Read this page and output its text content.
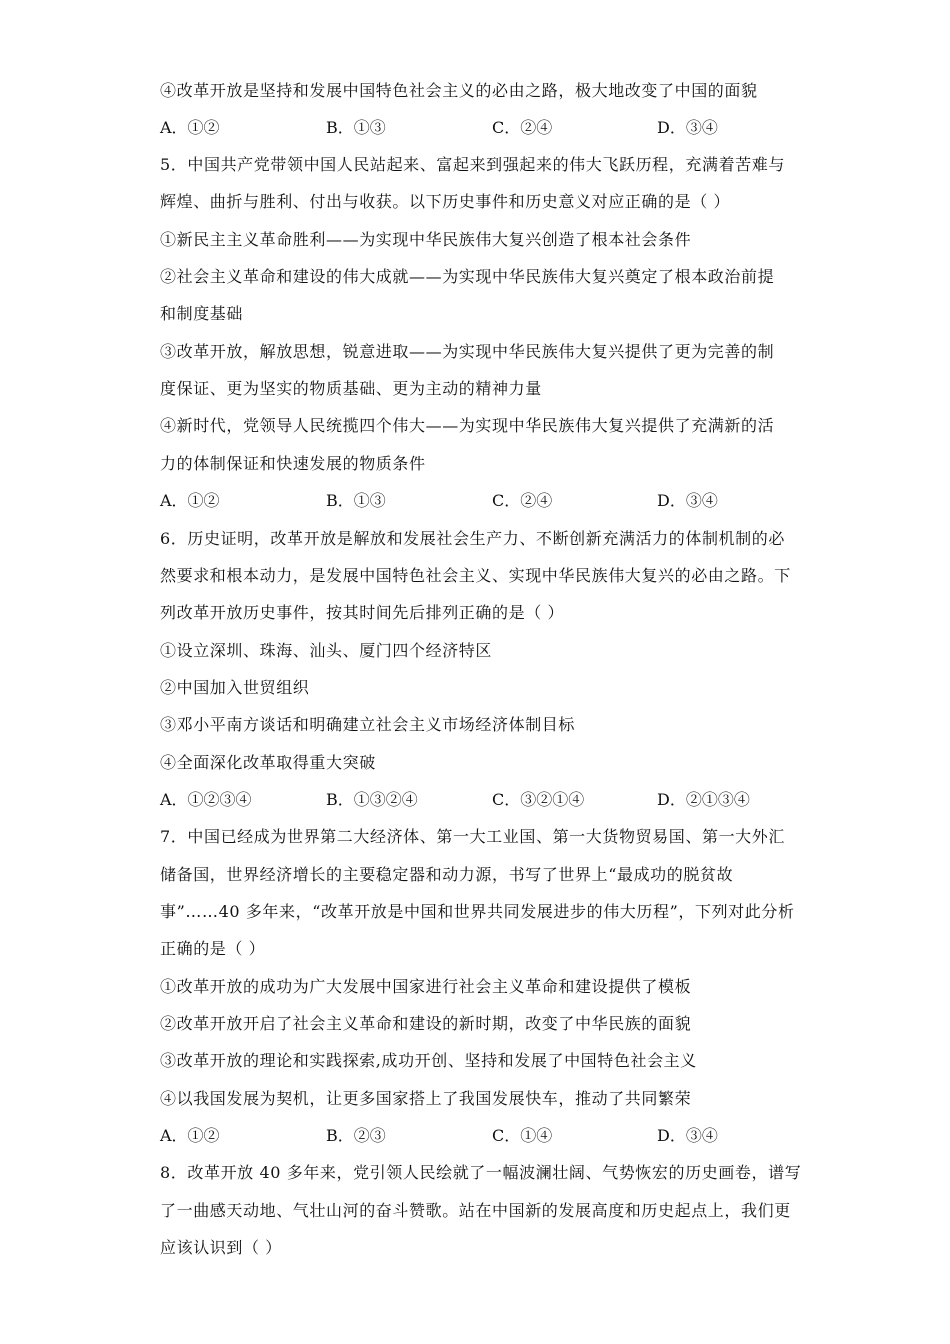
④改革开放是坚持和发展中国特色社会主义的必由之路，极大地改变了中国的面貌
A．①②	B．①③	C．②④	D．③④
5．中国共产党带领中国人民站起来、富起来到强起来的伟大飞跃历程，充满着苦难与
辉煌、曲折与胜利、付出与收获。以下历史事件和历史意义对应正确的是（ ）
①新民主主义革命胜利——为实现中华民族伟大复兴创造了根本社会条件
②社会主义革命和建设的伟大成就——为实现中华民族伟大复兴奠定了根本政治前提
和制度基础
③改革开放，解放思想，锐意进取——为实现中华民族伟大复兴提供了更为完善的制
度保证、更为坚实的物质基础、更为主动的精神力量
④新时代，党领导人民统揽四个伟大——为实现中华民族伟大复兴提供了充满新的活
力的体制保证和快速发展的物质条件
A．①②	B．①③	C．②④	D．③④
6．历史证明，改革开放是解放和发展社会生产力、不断创新充满活力的体制机制的必
然要求和根本动力，是发展中国特色社会主义、实现中华民族伟大复兴的必由之路。下
列改革开放历史事件，按其时间先后排列正确的是（ ）
①设立深圳、珠海、汕头、厦门四个经济特区
②中国加入世贸组织
③邓小平南方谈话和明确建立社会主义市场经济体制目标
④全面深化改革取得重大突破
A．①②③④	B．①③②④	C．③②①④	D．②①③④
7．中国已经成为世界第二大经济体、第一大工业国、第一大货物贸易国、第一大外汇
储备国，世界经济增长的主要稳定器和动力源，书写了世界上“最成功的脱贫故
事”……40 多年来，“改革开放是中国和世界共同发展进步的伟大历程”，下列对此分析
正确的是（ ）
①改革开放的成功为广大发展中国家进行社会主义革命和建设提供了模板
②改革开放开启了社会主义革命和建设的新时期，改变了中华民族的面貌
③改革开放的理论和实践探索,成功开创、坚持和发展了中国特色社会主义
④以我国发展为契机，让更多国家搭上了我国发展快车，推动了共同繁荣
A．①②	B．②③	C．①④	D．③④
8．改革开放 40 多年来，党引领人民绘就了一幅波澜壮阔、气势恢宏的历史画卷，谱写
了一曲感天动地、气壮山河的奋斗赞歌。站在中国新的发展高度和历史起点上，我们更
应该认识到（ ）
